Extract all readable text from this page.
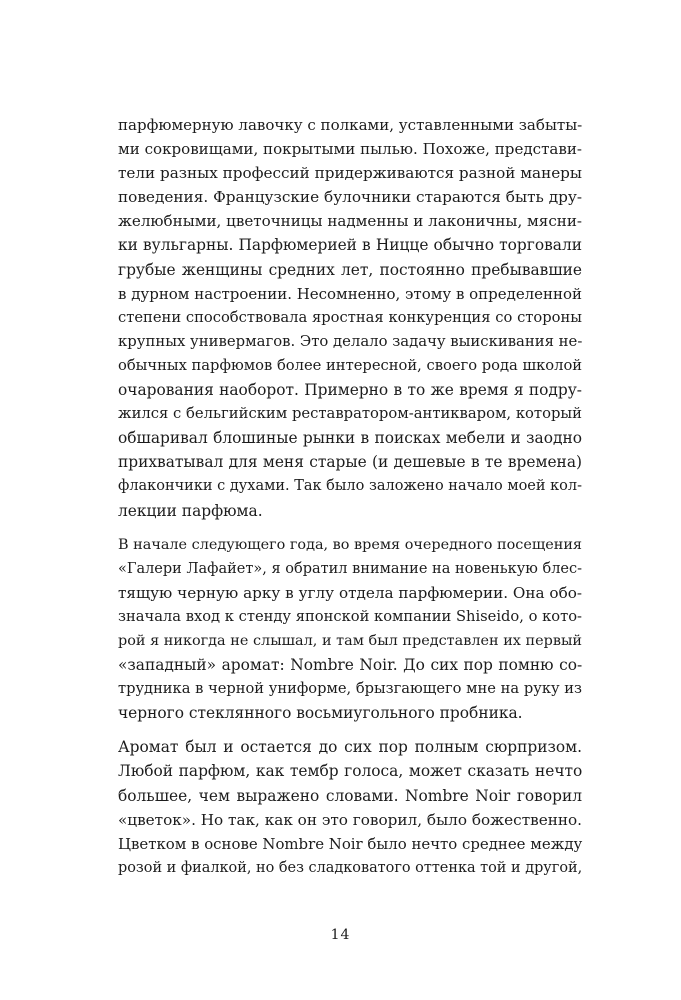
парфюмерную лавочку с полками, уставленными забыты-
ми сокровищами, покрытыми пылью. Похоже, представи-
тели разных профессий придерживаются разной манеры
поведения. Французские булочники стараются быть дру-
желюбными, цветочницы надменны и лаконичны, мясни-
ки вульгарны. Парфюмерией в Ницце обычно торговали
грубые женщины средних лет, постоянно пребывавшие
в дурном настроении. Несомненно, этому в определенной
степени способствовала яростная конкуренция со стороны
крупных универмагов. Это делало задачу выискивания не-
обычных парфюмов более интересной, своего рода школой
очарования наоборот. Примерно в то же время я подру-
жился с бельгийским реставратором-антикваром, который
обшаривал блошиные рынки в поисках мебели и заодно
прихватывал для меня старые (и дешевые в те времена)
флакончики с духами. Так было заложено начало моей кол-
лекции парфюма.

В начале следующего года, во время очередного посещения
«Галери Лафайет», я обратил внимание на новенькую блес-
тящую черную арку в углу отдела парфюмерии. Она обо-
значала вход к стенду японской компании Shiseido, о кото-
рой я никогда не слышал, и там был представлен их первый
«западный» аромат: Nombre Noir. До сих пор помню со-
трудника в черной униформе, брызгающего мне на руку из
черного стеклянного восьмиугольного пробника.

Аромат был и остается до сих пор полным сюрпризом.
Любой парфюм, как тембр голоса, может сказать нечто
большее, чем выражено словами. Nombre Noir говорил
«цветок». Но так, как он это говорил, было божественно.
Цветком в основе Nombre Noir было нечто среднее между
розой и фиалкой, но без сладковатого оттенка той и другой,

14
